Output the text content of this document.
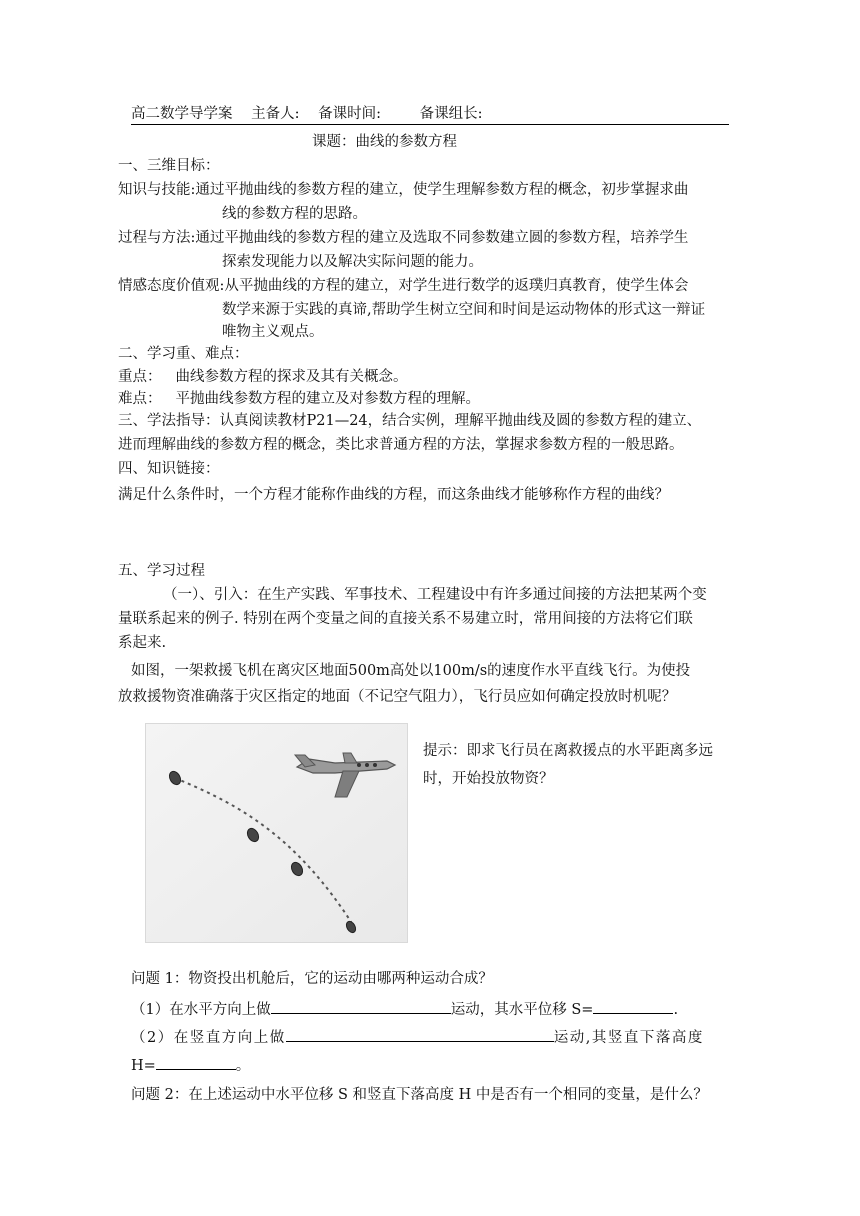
高二数学导学案 主备人: 备课时间:	备课组长:
课题：曲线的参数方程
一、三维目标：
知识与技能:通过平抛曲线的参数方程的建立，使学生理解参数方程的概念，初步掌握求曲
线的参数方程的思路。
过程与方法:通过平抛曲线的参数方程的建立及选取不同参数建立圆的参数方程，培养学生
探索发现能力以及解决实际问题的能力。
情感态度价值观:从平抛曲线的方程的建立，对学生进行数学的返璞归真教育，使学生体会
数学来源于实践的真谛,帮助学生树立空间和时间是运动物体的形式这一辩证
唯物主义观点。
二、学习重、难点：
重点： 曲线参数方程的探求及其有关概念。
难点： 平抛曲线参数方程的建立及对参数方程的理解。
三、学法指导：认真阅读教材P21—24，结合实例，理解平抛曲线及圆的参数方程的建立、
进而理解曲线的参数方程的概念，类比求普通方程的方法，掌握求参数方程的一般思路。
四、知识链接：
满足什么条件时，一个方程才能称作曲线的方程，而这条曲线才能够称作方程的曲线？
五、学习过程
（一）、引入：在生产实践、军事技术、工程建设中有许多通过间接的方法把某两个变
量联系起来的例子. 特别在两个变量之间的直接关系不易建立时，常用间接的方法将它们联
系起来.
如图，一架救援飞机在离灾区地面500m高处以100m/s的速度作水平直线飞行。为使投
放救援物资准确落于灾区指定的地面（不记空气阻力），飞行员应如何确定投放时机呢？
提示：即求飞行员在离救援点的水平距离多远
时，开始投放物资？
问题 1：物资投出机舱后，它的运动由哪两种运动合成？
（1）在水平方向上做	运动，其水平位移 S=	.
（2）在竖直方向上做	运动,其竖直下落高度
H=	。
问题 2：在上述运动中水平位移 S 和竖直下落高度 H 中是否有一个相同的变量，是什么？
